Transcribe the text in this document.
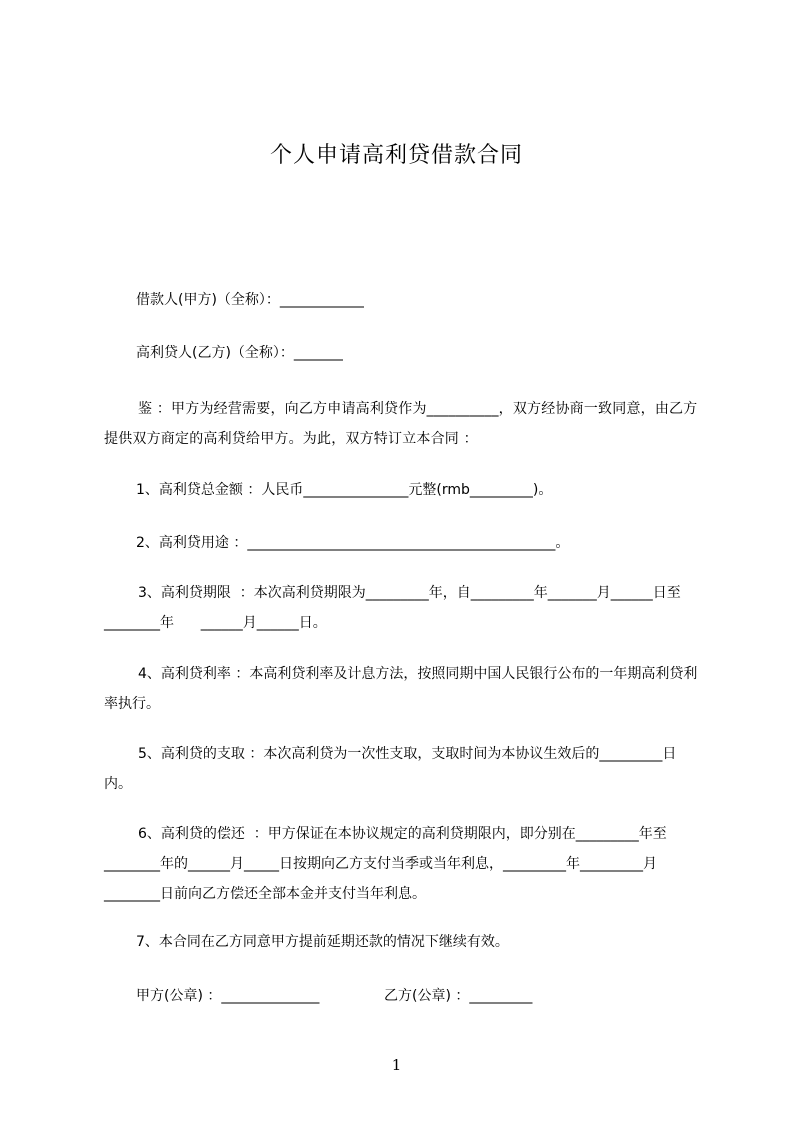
个人申请高利贷借款合同
借款人(甲方)（全称）：____________
高利贷人(乙方)（全称）：_______
鉴 ：甲方为经营需要，向乙方申请高利贷作为__________，双方经协商一致同意，由乙方提供双方商定的高利贷给甲方。为此，双方特订立本合同 ：
1、高利贷总金额 ：人民币_______________元整(rmb_________)。
2、高利贷用途 ：____________________________________________。
3、高利贷期限  ：本次高利贷期限为_________年，自_________年_______月______日至________年      ______月______日。
4、高利贷利率 ：本高利贷利率及计息方法，按照同期中国人民银行公布的一年期高利贷利率执行。
5、高利贷的支取 ：本次高利贷为一次性支取，支取时间为本协议生效后的_________日内。
6、高利贷的偿还  ：甲方保证在本协议规定的高利贷期限内，即分别在_________年至________年的______月_____日按期向乙方支付当季或当年利息，_________年_________月________日前向乙方偿还全部本金并支付当年利息。
7、本合同在乙方同意甲方提前延期还款的情况下继续有效。
甲方(公章) ：______________	乙方(公章) ：_________
1
